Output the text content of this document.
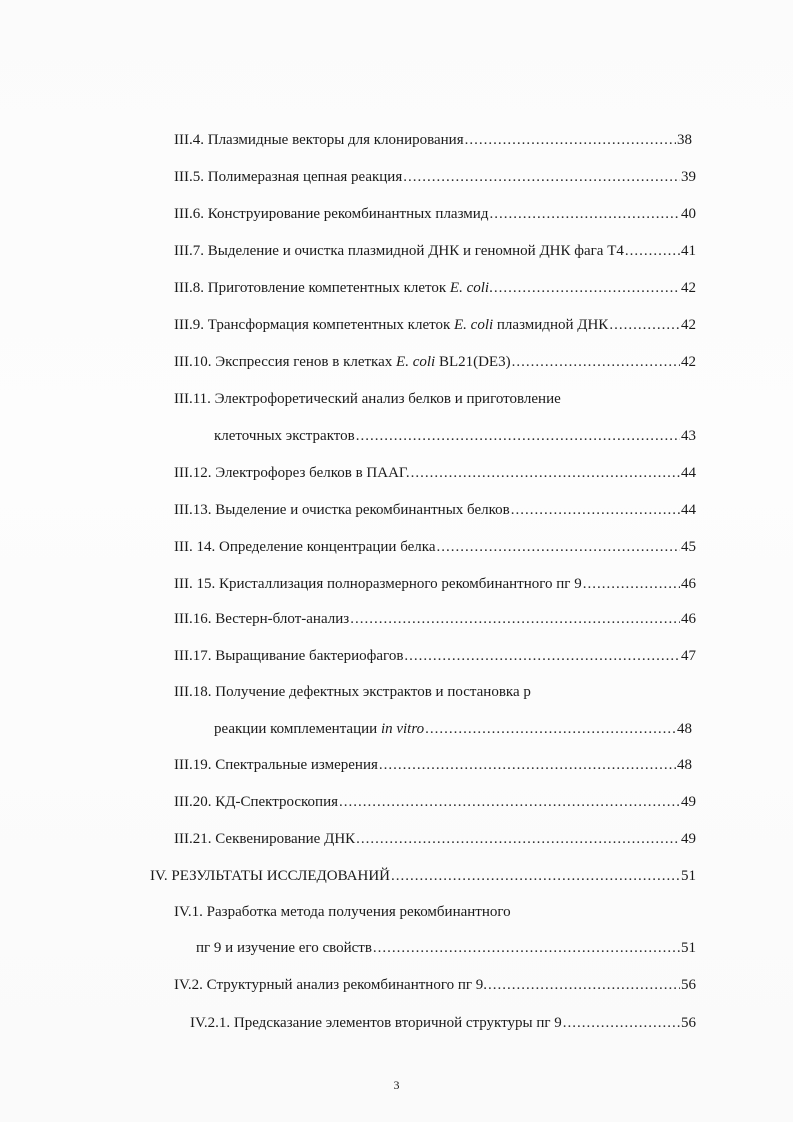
III.4. Плазмидные векторы для клонирования .....	38
III.5. Полимеразная цепная реакция .....	39
III.6. Конструирование рекомбинантных плазмид .....	40
III.7. Выделение и очистка плазмидной ДНК и геномной ДНК фага Т4 .....	41
III.8. Приготовление компетентных клеток E. coli. .....	42
III.9. Трансформация компетентных клеток E. coli плазмидной ДНК .....	42
III.10. Экспрессия генов в клетках E. coli BL21(DE3) .....	42
III.11. Электрофоретический анализ белков и приготовление
клеточных экстрактов .....	43
III.12. Электрофорез белков в ПААГ. .....	44
III.13. Выделение и очистка рекомбинантных белков .....	44
III. 14. Определение концентрации белка .....	45
III. 15. Кристаллизация полноразмерного рекомбинантного пг 9 .....	46
III.16. Вестерн-блот-анализ .....	46
III.17. Выращивание бактериофагов .....	47
III.18. Получение дефектных экстрактов и постановка р
реакции комплементации in vitro .....	48
III.19. Спектральные измерения .....	48
III.20. КД-Спектроскопия .....	49
III.21. Секвенирование ДНК .....	49
IV. РЕЗУЛЬТАТЫ ИССЛЕДОВАНИЙ .....	51
IV.1. Разработка метода получения рекомбинантного
пг 9 и изучение его свойств .....	51
IV.2. Структурный анализ рекомбинантного пг 9. .....	56
IV.2.1. Предсказание элементов вторичной структуры пг 9 .....	56
3
